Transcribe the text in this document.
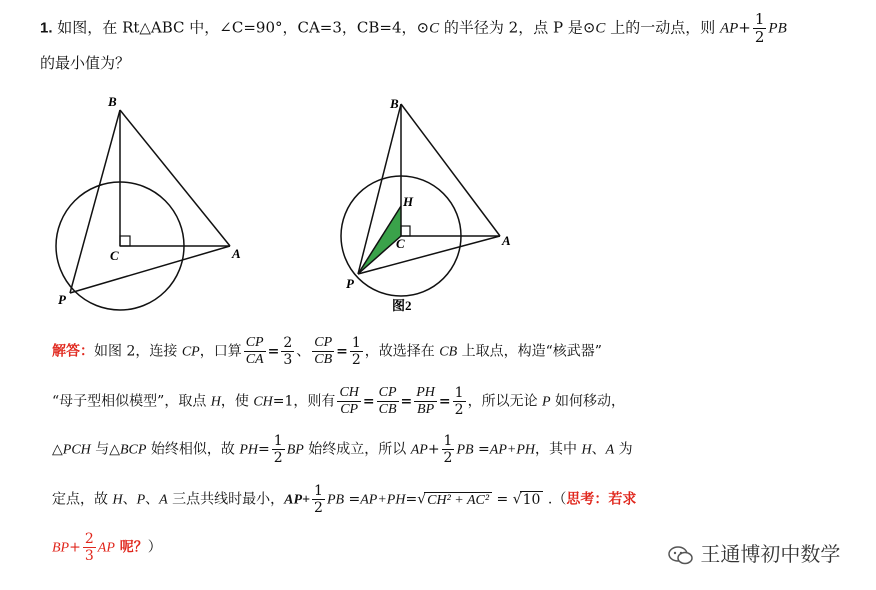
1. 如图，在 Rt△ABC 中，∠C=90°，CA=3，CB=4，⊙C 的半径为 2，点 P 是⊙C 上的一动点，则 $AP+ \frac{1}{2}$ PB
的最小值为？
B
C	A
P
B
H
C	A
P
图2
解答：如图 2，连接 CP，口算 $\frac{CP}{CA} = \frac{2}{3}$ 、 $\frac{CP}{CB} = \frac{1}{2}$ ，故选择在 CB 上取点，构造“核武器”
“母子型相似模型”，取点 H，使 CH=1，则有 $\frac{CH}{CP} = \frac{CP}{CB} = \frac{PH}{BP} = \frac{1}{2}$ ，所以无论 P 如何移动，
△PCH 与△BCP 始终相似，故 $PH= \frac{1}{2}$ BP 始终成立，所以 $AP+ \frac{1}{2}$ PB =AP+PH，其中 H、A 为
定点，故 H、P、A 三点共线时最小，$AP+ \frac{1}{2}$ PB =AP+PH=√CH² + AC² = √10 .（思考：若求
$BP+ \frac{2}{3}$ AP 呢？）	王通博初中数学
